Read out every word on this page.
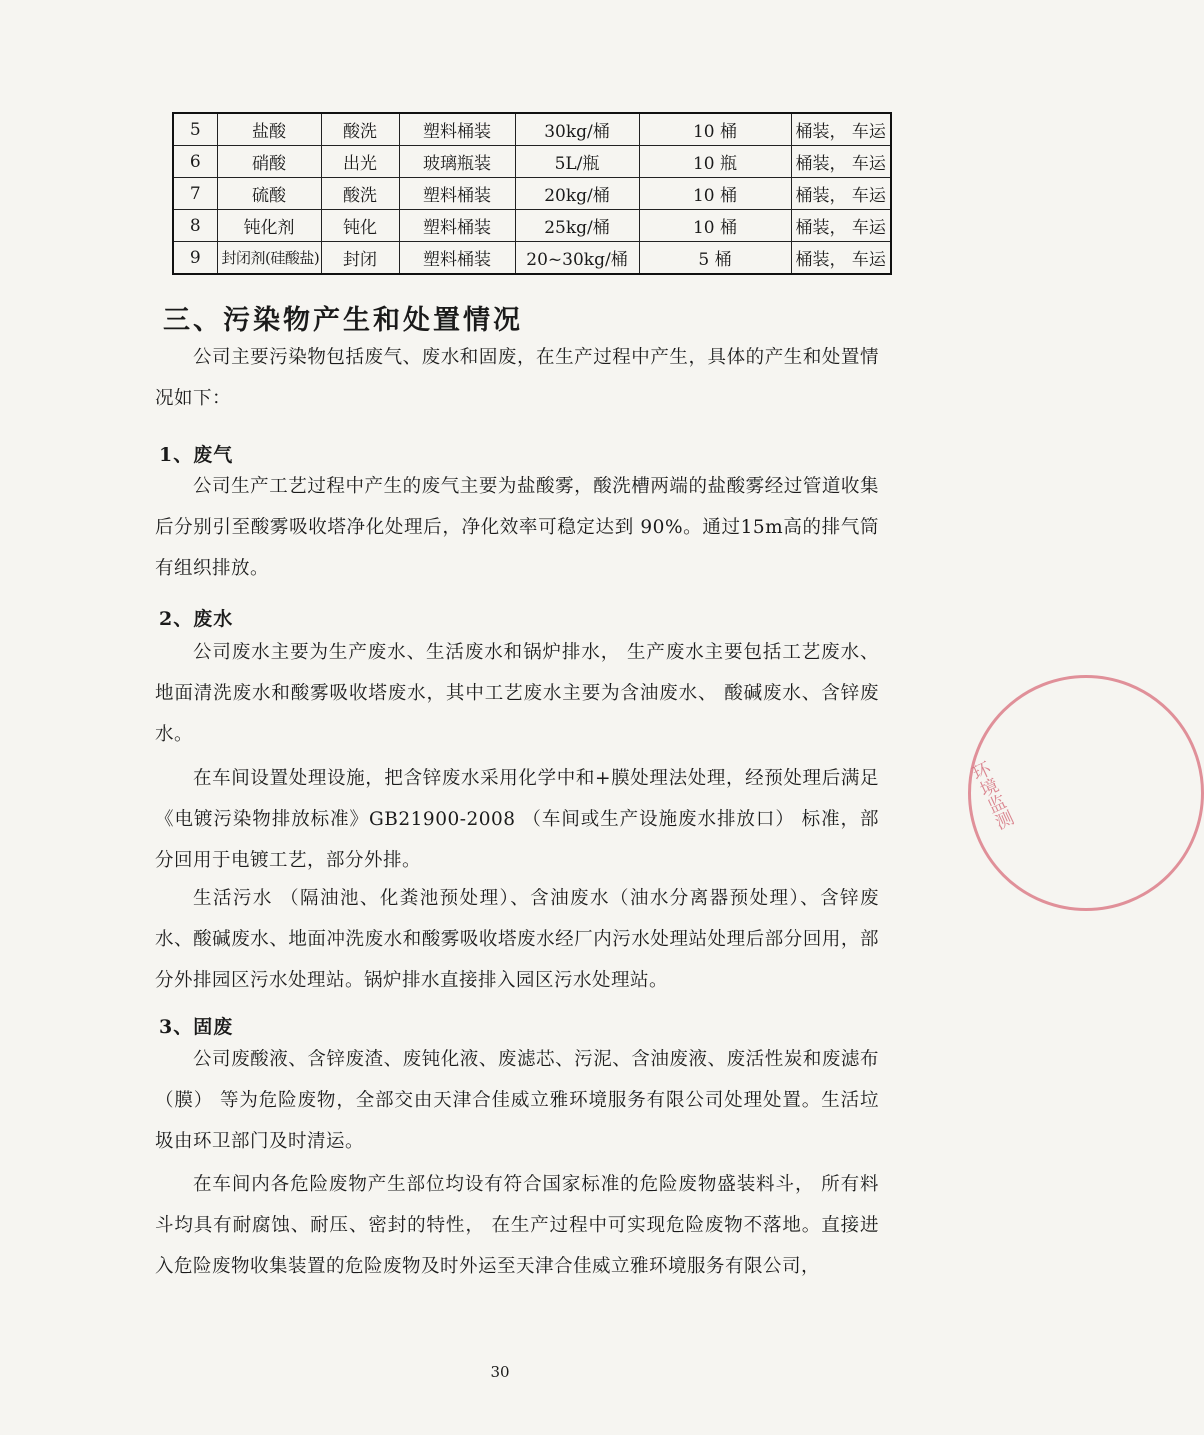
5	盐酸	酸洗	塑料桶装	30kg/桶	10 桶	桶装， 车运
6	硝酸	出光	玻璃瓶装	5L/瓶	10 瓶	桶装， 车运
7	硫酸	酸洗	塑料桶装	20kg/桶	10 桶	桶装， 车运
8	钝化剂	钝化	塑料桶装	25kg/桶	10 桶	桶装， 车运
9	封闭剂(硅酸盐)	封闭	塑料桶装	20~30kg/桶	5 桶	桶装， 车运
三、污染物产生和处置情况
公司主要污染物包括废气、废水和固废，在生产过程中产生，具体的产生和处置情况如下：
1、废气
公司生产工艺过程中产生的废气主要为盐酸雾，酸洗槽两端的盐酸雾经过管道收集后分别引至酸雾吸收塔净化处理后，净化效率可稳定达到 90%。通过15m高的排气筒有组织排放。
2、废水
公司废水主要为生产废水、生活废水和锅炉排水， 生产废水主要包括工艺废水、地面清洗废水和酸雾吸收塔废水，其中工艺废水主要为含油废水、 酸碱废水、含锌废水。
在车间设置处理设施，把含锌废水采用化学中和+膜处理法处理，经预处理后满足 《电镀污染物排放标准》GB21900-2008 （车间或生产设施废水排放口） 标准，部分回用于电镀工艺，部分外排。
生活污水 （隔油池、化粪池预处理）、含油废水（油水分离器预处理）、含锌废水、酸碱废水、地面冲洗废水和酸雾吸收塔废水经厂内污水处理站处理后部分回用，部分外排园区污水处理站。锅炉排水直接排入园区污水处理站。
3、固废
公司废酸液、含锌废渣、废钝化液、废滤芯、污泥、含油废液、废活性炭和废滤布（膜） 等为危险废物，全部交由天津合佳威立雅环境服务有限公司处理处置。生活垃圾由环卫部门及时清运。
在车间内各危险废物产生部位均设有符合国家标准的危险废物盛装料斗， 所有料斗均具有耐腐蚀、耐压、密封的特性， 在生产过程中可实现危险废物不落地。直接进入危险废物收集装置的危险废物及时外运至天津合佳威立雅环境服务有限公司，
30
环境监测
